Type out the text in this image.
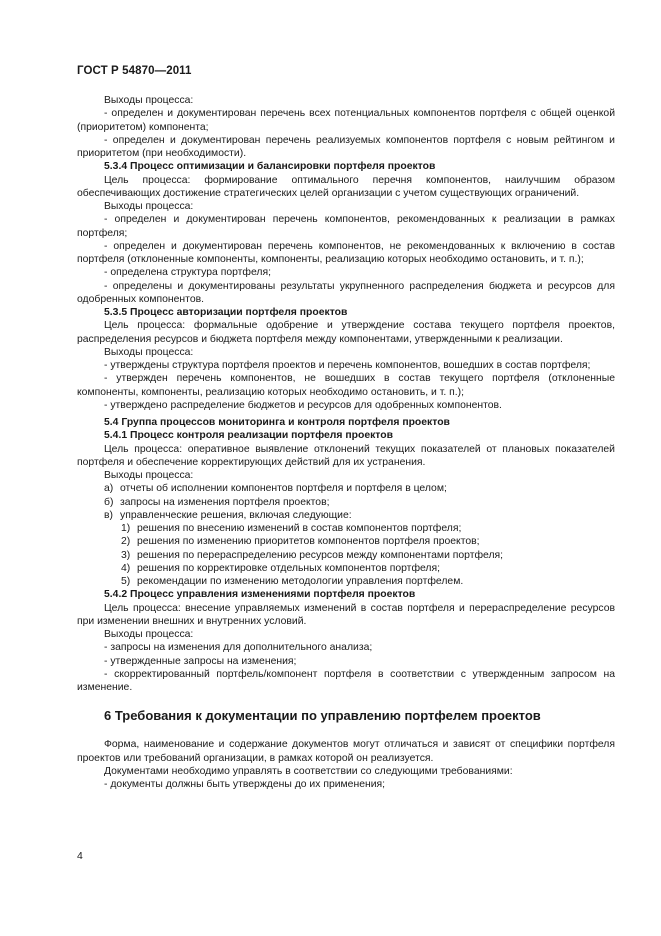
ГОСТ Р 54870—2011

Выходы процесса:

- определен и документирован перечень всех потенциальных компонентов портфеля с общей оценкой (приоритетом) компонента;

- определен и документирован перечень реализуемых компонентов портфеля с новым рейтингом и приоритетом (при необходимости).

5.3.4 Процесс оптимизации и балансировки портфеля проектов

Цель процесса: формирование оптимального перечня компонентов, наилучшим образом обеспечивающих достижение стратегических целей организации с учетом существующих ограничений.

Выходы процесса:

- определен и документирован перечень компонентов, рекомендованных к реализации в рамках портфеля;

- определен и документирован перечень компонентов, не рекомендованных к включению в состав портфеля (отклоненные компоненты, компоненты, реализацию которых необходимо остановить, и т. п.);

- определена структура портфеля;

- определены и документированы результаты укрупненного распределения бюджета и ресурсов для одобренных компонентов.

5.3.5 Процесс авторизации портфеля проектов

Цель процесса: формальные одобрение и утверждение состава текущего портфеля проектов, распределения ресурсов и бюджета портфеля между компонентами, утвержденными к реализации.

Выходы процесса:

- утверждены структура портфеля проектов и перечень компонентов, вошедших в состав портфеля;

- утвержден перечень компонентов, не вошедших в состав текущего портфеля (отклоненные компоненты, компоненты, реализацию которых необходимо остановить, и т. п.);

- утверждено распределение бюджетов и ресурсов для одобренных компонентов.

5.4 Группа процессов мониторинга и контроля портфеля проектов

5.4.1 Процесс контроля реализации портфеля проектов

Цель процесса: оперативное выявление отклонений текущих показателей от плановых показателей портфеля и обеспечение корректирующих действий для их устранения.

Выходы процесса:

а) отчеты об исполнении компонентов портфеля и портфеля в целом;

б) запросы на изменения портфеля проектов;

в) управленческие решения, включая следующие:

1) решения по внесению изменений в состав компонентов портфеля;

2) решения по изменению приоритетов компонентов портфеля проектов;

3) решения по перераспределению ресурсов между компонентами портфеля;

4) решения по корректировке отдельных компонентов портфеля;

5) рекомендации по изменению методологии управления портфелем.

5.4.2 Процесс управления изменениями портфеля проектов

Цель процесса: внесение управляемых изменений в состав портфеля и перераспределение ресурсов при изменении внешних и внутренних условий.

Выходы процесса:

- запросы на изменения для дополнительного анализа;

- утвержденные запросы на изменения;

- скорректированный портфель/компонент портфеля в соответствии с утвержденным запросом на изменение.

6 Требования к документации по управлению портфелем проектов

Форма, наименование и содержание документов могут отличаться и зависят от специфики портфеля проектов или требований организации, в рамках которой он реализуется.

Документами необходимо управлять в соответствии со следующими требованиями:

- документы должны быть утверждены до их применения;

4
